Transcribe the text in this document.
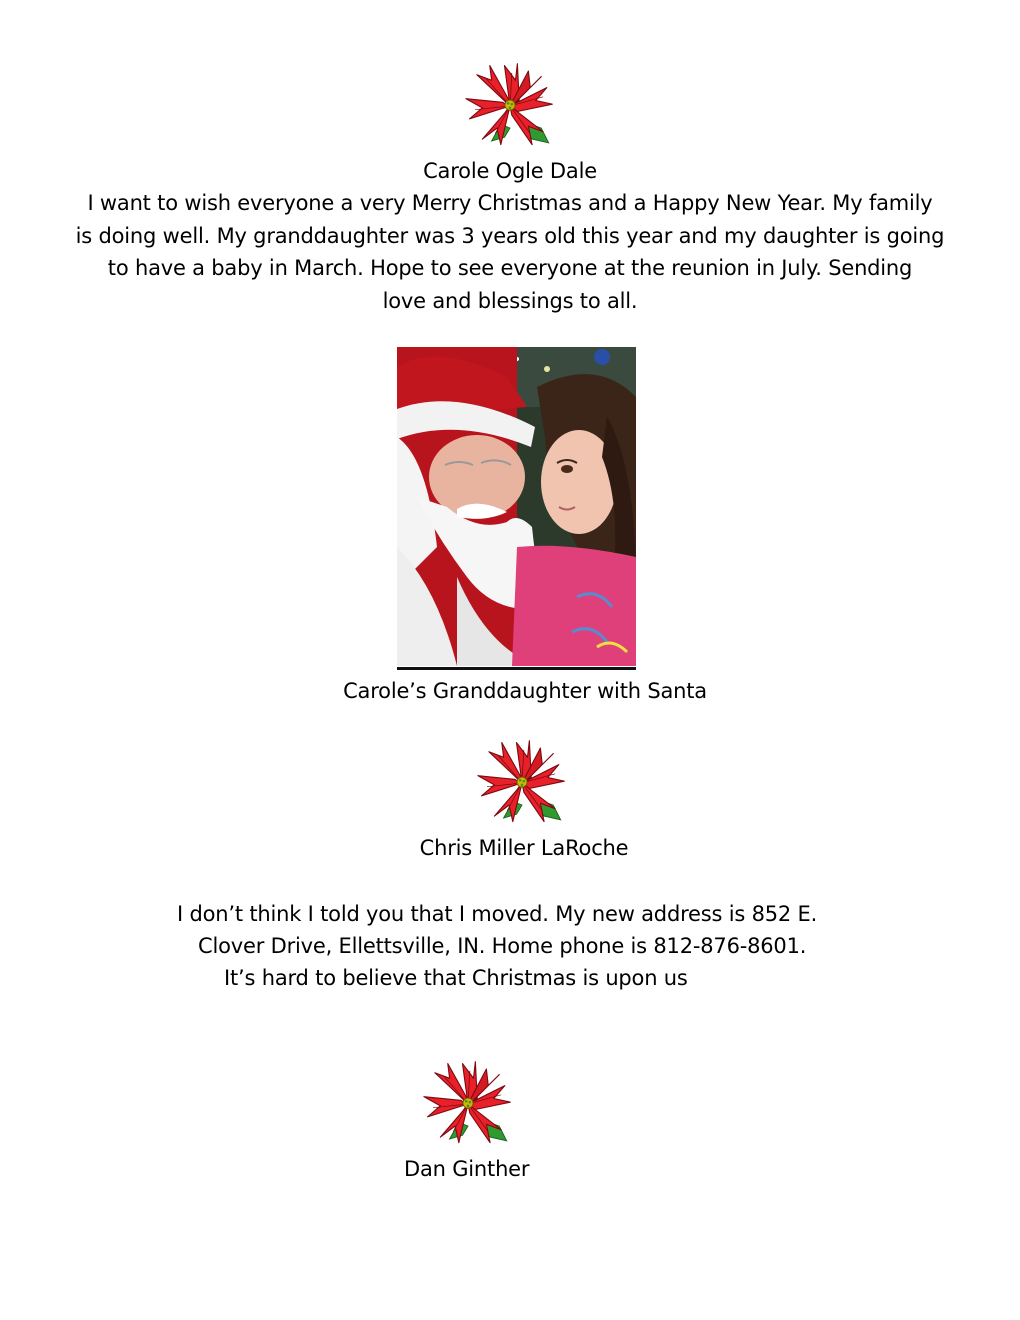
Carole Ogle Dale
I want to wish everyone a very Merry Christmas and a Happy New Year. My family
is doing well. My granddaughter was 3 years old this year and my daughter is going
to have a baby in March. Hope to see everyone at the reunion in July. Sending
love and blessings to all.
Carole’s Granddaughter with Santa
Chris Miller LaRoche
I don’t think I told you that I moved. My new address is 852 E.
Clover Drive, Ellettsville, IN. Home phone is 812-876-8601.
It’s hard to believe that Christmas is upon us
Dan Ginther
